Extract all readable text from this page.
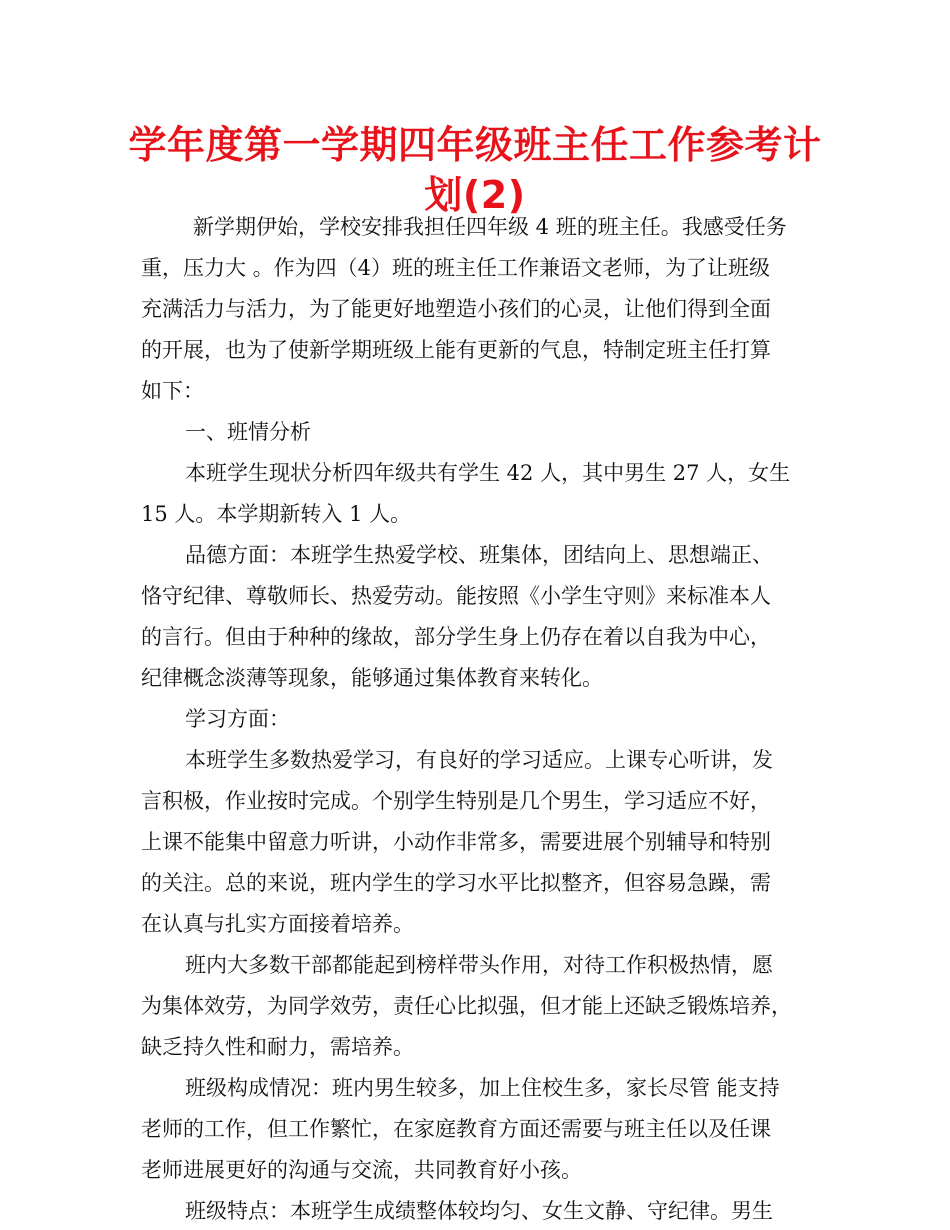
学年度第一学期四年级班主任工作参考计
划(2)
新学期伊始，学校安排我担任四年级 4 班的班主任。我感受任务
重，压力大 。作为四（4）班的班主任工作兼语文老师，为了让班级
充满活力与活力，为了能更好地塑造小孩们的心灵，让他们得到全面
的开展，也为了使新学期班级上能有更新的气息，特制定班主任打算
如下：
一、班情分析
本班学生现状分析四年级共有学生 42 人，其中男生 27 人，女生
15 人。本学期新转入 1 人。
品德方面：本班学生热爱学校、班集体，团结向上、思想端正、
恪守纪律、尊敬师长、热爱劳动。能按照《小学生守则》来标准本人
的言行。但由于种种的缘故，部分学生身上仍存在着以自我为中心，
纪律概念淡薄等现象，能够通过集体教育来转化。
学习方面：
本班学生多数热爱学习，有良好的学习适应。上课专心听讲，发
言积极，作业按时完成。个别学生特别是几个男生，学习适应不好，
上课不能集中留意力听讲，小动作非常多，需要进展个别辅导和特别
的关注。总的来说，班内学生的学习水平比拟整齐，但容易急躁，需
在认真与扎实方面接着培养。
班内大多数干部都能起到榜样带头作用，对待工作积极热情，愿
为集体效劳，为同学效劳，责任心比拟强，但才能上还缺乏锻炼培养，
缺乏持久性和耐力，需培养。
班级构成情况：班内男生较多，加上住校生多，家长尽管 能支持
老师的工作，但工作繁忙，在家庭教育方面还需要与班主任以及任课
老师进展更好的沟通与交流，共同教育好小孩。
班级特点：本班学生成绩整体较均匀、女生文静、守纪律。男生
